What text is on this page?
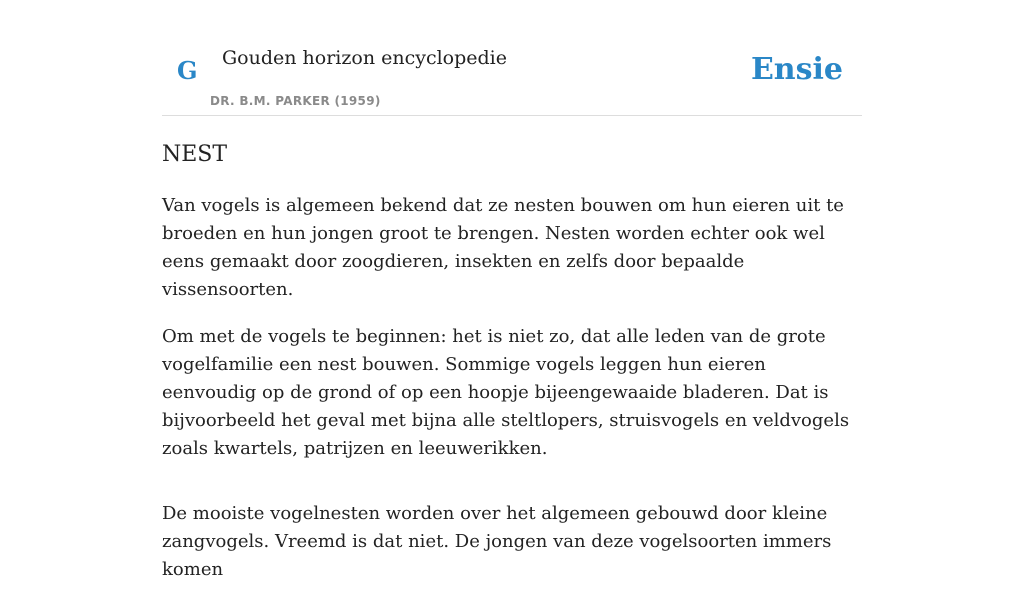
G Gouden horizon encyclopedie
DR. B.M. PARKER (1959)
Ensie
NEST

Van vogels is algemeen bekend dat ze nesten bouwen om hun eieren uit te broeden en hun jongen groot te brengen. Nesten worden echter ook wel eens gemaakt door zoogdieren, insekten en zelfs door bepaalde vissensoorten.

Om met de vogels te beginnen: het is niet zo, dat alle leden van de grote vogelfamilie een nest bouwen. Sommige vogels leggen hun eieren eenvoudig op de grond of op een hoopje bijeengewaaide bladeren. Dat is bijvoorbeeld het geval met bijna alle steltlopers, struisvogels en veldvogels zoals kwartels, patrijzen en leeuwerikken.

De mooiste vogelnesten worden over het algemeen gebouwd door kleine zangvogels. Vreemd is dat niet. De jongen van deze vogelsoorten immers komen
